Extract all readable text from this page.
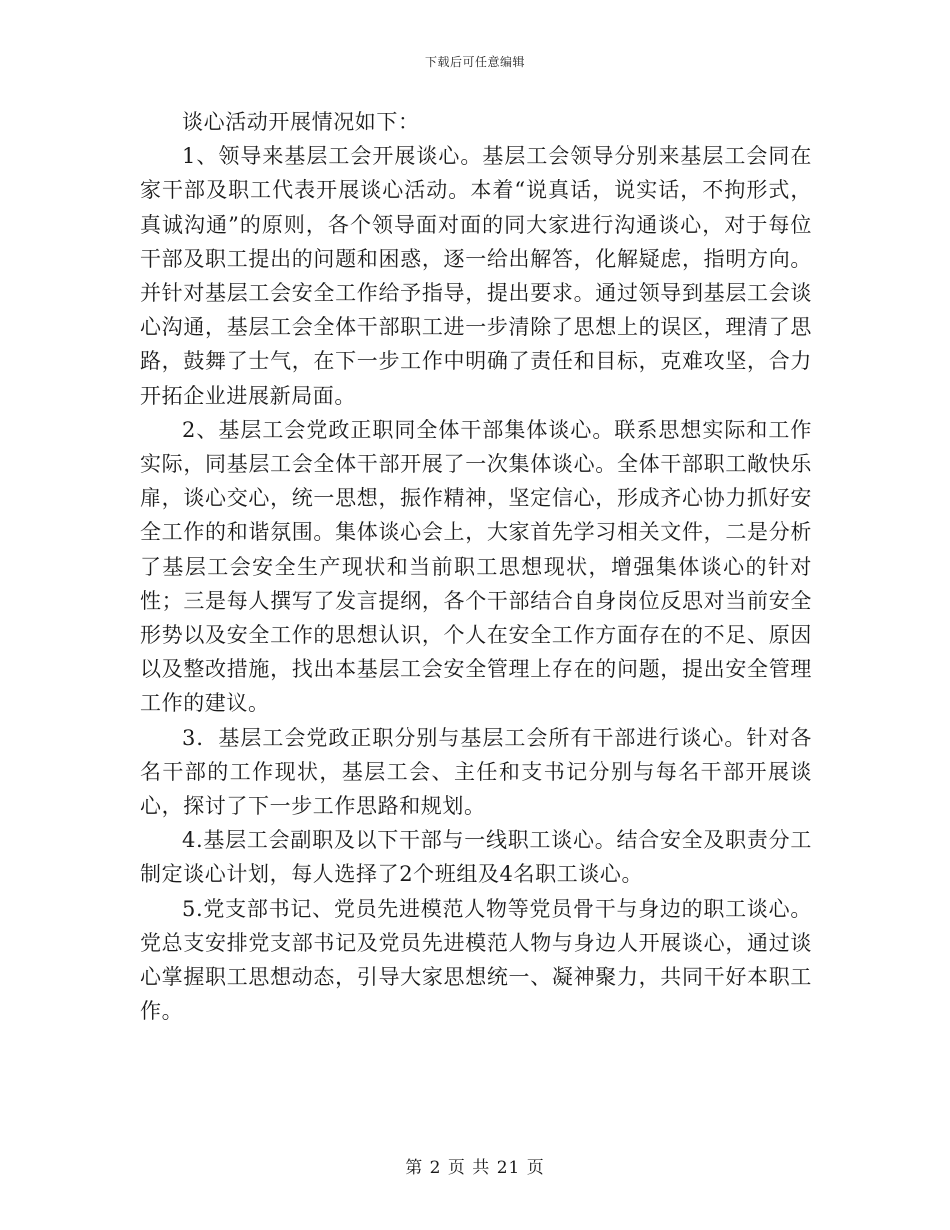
下载后可任意编辑

谈心活动开展情况如下：

1、领导来基层工会开展谈心。基层工会领导分别来基层工会同在家干部及职工代表开展谈心活动。本着“说真话，说实话，不拘形式，真诚沟通”的原则，各个领导面对面的同大家进行沟通谈心，对于每位干部及职工提出的问题和困惑，逐一给出解答，化解疑虑，指明方向。并针对基层工会安全工作给予指导，提出要求。通过领导到基层工会谈心沟通，基层工会全体干部职工进一步清除了思想上的误区，理清了思路，鼓舞了士气，在下一步工作中明确了责任和目标，克难攻坚，合力开拓企业进展新局面。

2、基层工会党政正职同全体干部集体谈心。联系思想实际和工作实际，同基层工会全体干部开展了一次集体谈心。全体干部职工敞快乐扉，谈心交心，统一思想，振作精神，坚定信心，形成齐心协力抓好安全工作的和谐氛围。集体谈心会上，大家首先学习相关文件，二是分析了基层工会安全生产现状和当前职工思想现状，增强集体谈心的针对性；三是每人撰写了发言提纲，各个干部结合自身岗位反思对当前安全形势以及安全工作的思想认识，个人在安全工作方面存在的不足、原因以及整改措施，找出本基层工会安全管理上存在的问题，提出安全管理工作的建议。

3．基层工会党政正职分别与基层工会所有干部进行谈心。针对各名干部的工作现状，基层工会、主任和支书记分别与每名干部开展谈心，探讨了下一步工作思路和规划。

4.基层工会副职及以下干部与一线职工谈心。结合安全及职责分工制定谈心计划，每人选择了2个班组及4名职工谈心。

5.党支部书记、党员先进模范人物等党员骨干与身边的职工谈心。党总支安排党支部书记及党员先进模范人物与身边人开展谈心，通过谈心掌握职工思想动态，引导大家思想统一、凝神聚力，共同干好本职工作。

第 2 页 共 21 页
